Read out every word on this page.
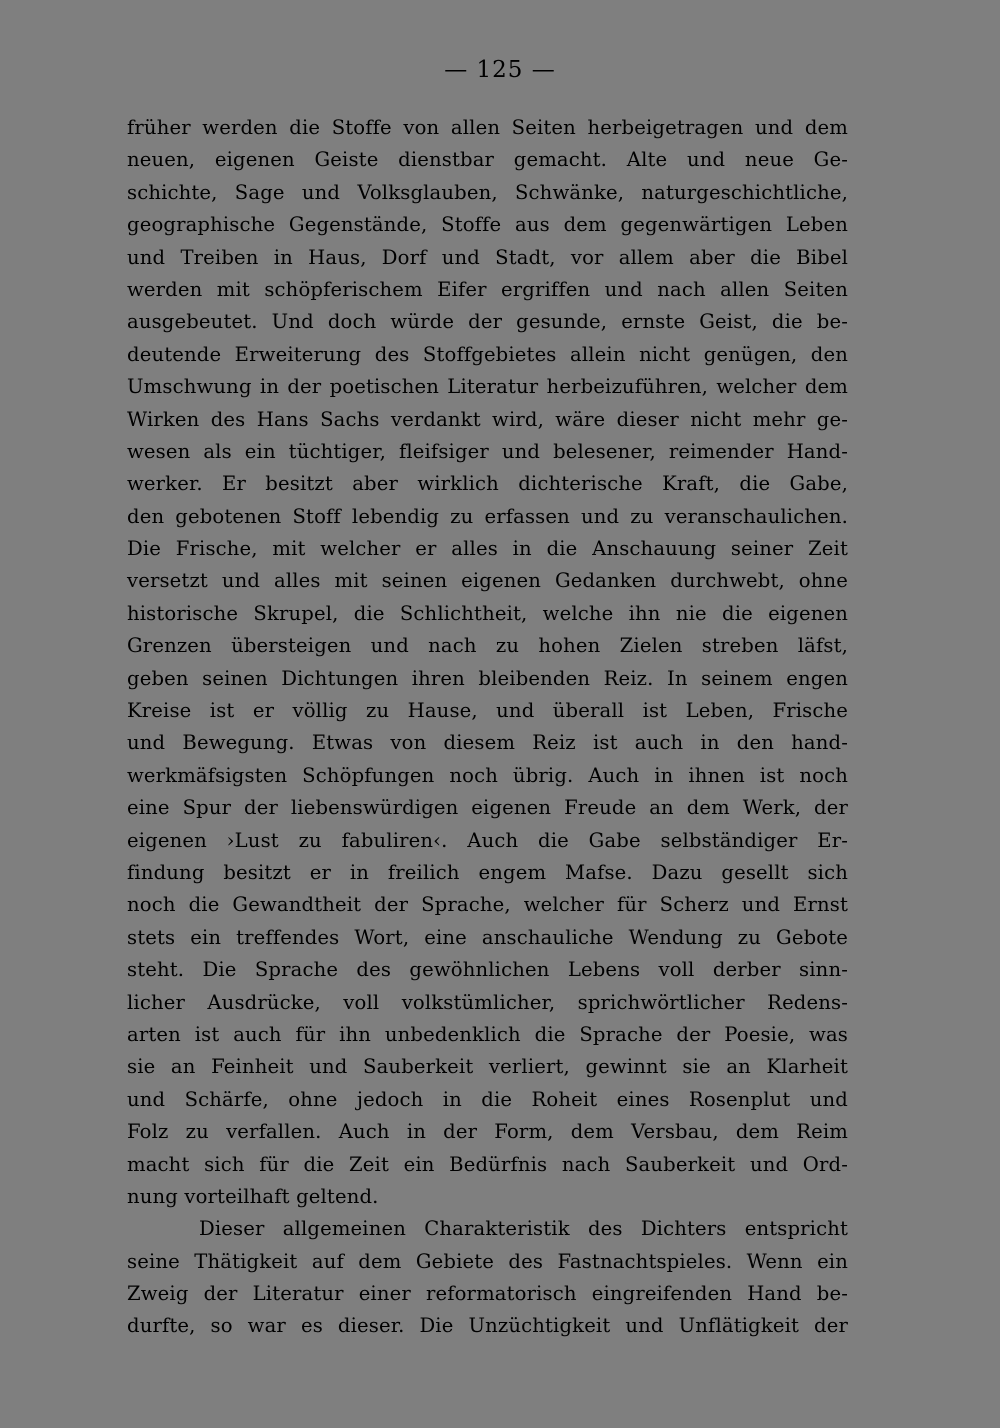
— 125 —
früher werden die Stoffe von allen Seiten herbeigetragen und dem
neuen, eigenen Geiste dienstbar gemacht. Alte und neue Ge-
schichte, Sage und Volksglauben, Schwänke, naturgeschichtliche,
geographische Gegenstände, Stoffe aus dem gegenwärtigen Leben
und Treiben in Haus, Dorf und Stadt, vor allem aber die Bibel
werden mit schöpferischem Eifer ergriffen und nach allen Seiten
ausgebeutet. Und doch würde der gesunde, ernste Geist, die be-
deutende Erweiterung des Stoffgebietes allein nicht genügen, den
Umschwung in der poetischen Literatur herbeizuführen, welcher dem
Wirken des Hans Sachs verdankt wird, wäre dieser nicht mehr ge-
wesen als ein tüchtiger, fleifsiger und belesener, reimender Hand-
werker. Er besitzt aber wirklich dichterische Kraft, die Gabe,
den gebotenen Stoff lebendig zu erfassen und zu veranschaulichen.
Die Frische, mit welcher er alles in die Anschauung seiner Zeit
versetzt und alles mit seinen eigenen Gedanken durchwebt, ohne
historische Skrupel, die Schlichtheit, welche ihn nie die eigenen
Grenzen übersteigen und nach zu hohen Zielen streben läfst,
geben seinen Dichtungen ihren bleibenden Reiz. In seinem engen
Kreise ist er völlig zu Hause, und überall ist Leben, Frische
und Bewegung. Etwas von diesem Reiz ist auch in den hand-
werkmäfsigsten Schöpfungen noch übrig. Auch in ihnen ist noch
eine Spur der liebenswürdigen eigenen Freude an dem Werk, der
eigenen ›Lust zu fabuliren‹. Auch die Gabe selbständiger Er-
findung besitzt er in freilich engem Mafse. Dazu gesellt sich
noch die Gewandtheit der Sprache, welcher für Scherz und Ernst
stets ein treffendes Wort, eine anschauliche Wendung zu Gebote
steht. Die Sprache des gewöhnlichen Lebens voll derber sinn-
licher Ausdrücke, voll volkstümlicher, sprichwörtlicher Redens-
arten ist auch für ihn unbedenklich die Sprache der Poesie, was
sie an Feinheit und Sauberkeit verliert, gewinnt sie an Klarheit
und Schärfe, ohne jedoch in die Roheit eines Rosenplut und
Folz zu verfallen. Auch in der Form, dem Versbau, dem Reim
macht sich für die Zeit ein Bedürfnis nach Sauberkeit und Ord-
nung vorteilhaft geltend.
Dieser allgemeinen Charakteristik des Dichters entspricht
seine Thätigkeit auf dem Gebiete des Fastnachtspieles. Wenn ein
Zweig der Literatur einer reformatorisch eingreifenden Hand be-
durfte, so war es dieser. Die Unzüchtigkeit und Unflätigkeit der
